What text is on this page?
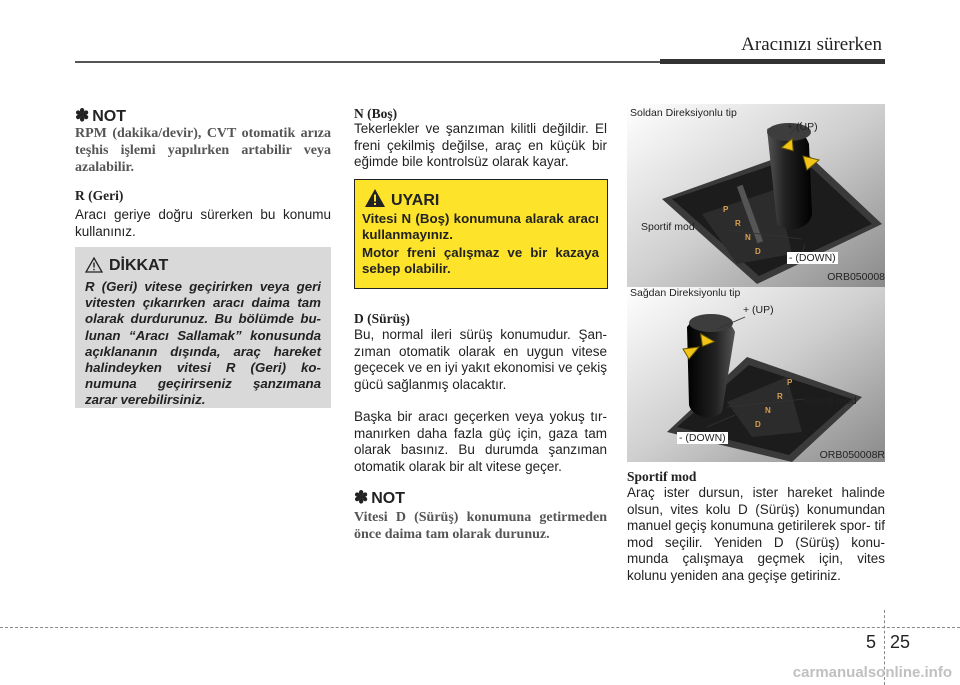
Aracınızı sürerken
✽ NOT
RPM (dakika/devir), CVT otomatik arıza teşhis işlemi yapılırken artabilir veya azalabilir.
R (Geri)
Aracı geriye doğru sürerken bu konumu kullanınız.
DİKKAT
R (Geri) vitese geçirirken veya geri vitesten çıkarırken aracı daima tam olarak durdurunuz. Bu bölümde bu- lunan “Aracı Sallamak” konusunda açıklananın dışında, araç hareket halindeyken vitesi R (Geri) ko- numuna geçirirseniz şanzımana zarar verebilirsiniz.
N (Boş)
Tekerlekler ve şanzıman kilitli değildir. El freni çekilmiş değilse, araç en küçük bir eğimde bile kontrolsüz olarak kayar.
UYARI
Vitesi N (Boş) konumuna alarak aracı kullanmayınız.
Motor freni çalışmaz ve bir kazaya sebep olabilir.
D (Sürüş)
Bu, normal ileri sürüş konumudur. Şan- zıman otomatik olarak en uygun vitese geçecek ve en iyi yakıt ekonomisi ve çekiş gücü sağlanmış olacaktır.
Başka bir aracı geçerken veya yokuş tır- manırken daha fazla güç için, gaza tam olarak basınız. Bu durumda şanzıman otomatik olarak bir alt vitese geçer.
✽ NOT
Vitesi D (Sürüş) konumuna getirmeden önce daima tam olarak durunuz.
P
R
N
D
Soldan Direksiyonlu tip
+ (UP)
Sportif mod
- (DOWN)
ORB050008
P
R
N
D
Sağdan Direksiyonlu tip
+ (UP)
Sportif mod
- (DOWN)
ORB050008R
Sportif mod
Araç ister dursun, ister hareket halinde olsun, vites kolu D (Sürüş) konumundan manuel geçiş konumuna getirilerek spor- tif mod seçilir. Yeniden D (Sürüş) konu- munda çalışmaya geçmek için, vites kolunu yeniden ana geçişe getiriniz.
5 25
carmanualsonline.info
